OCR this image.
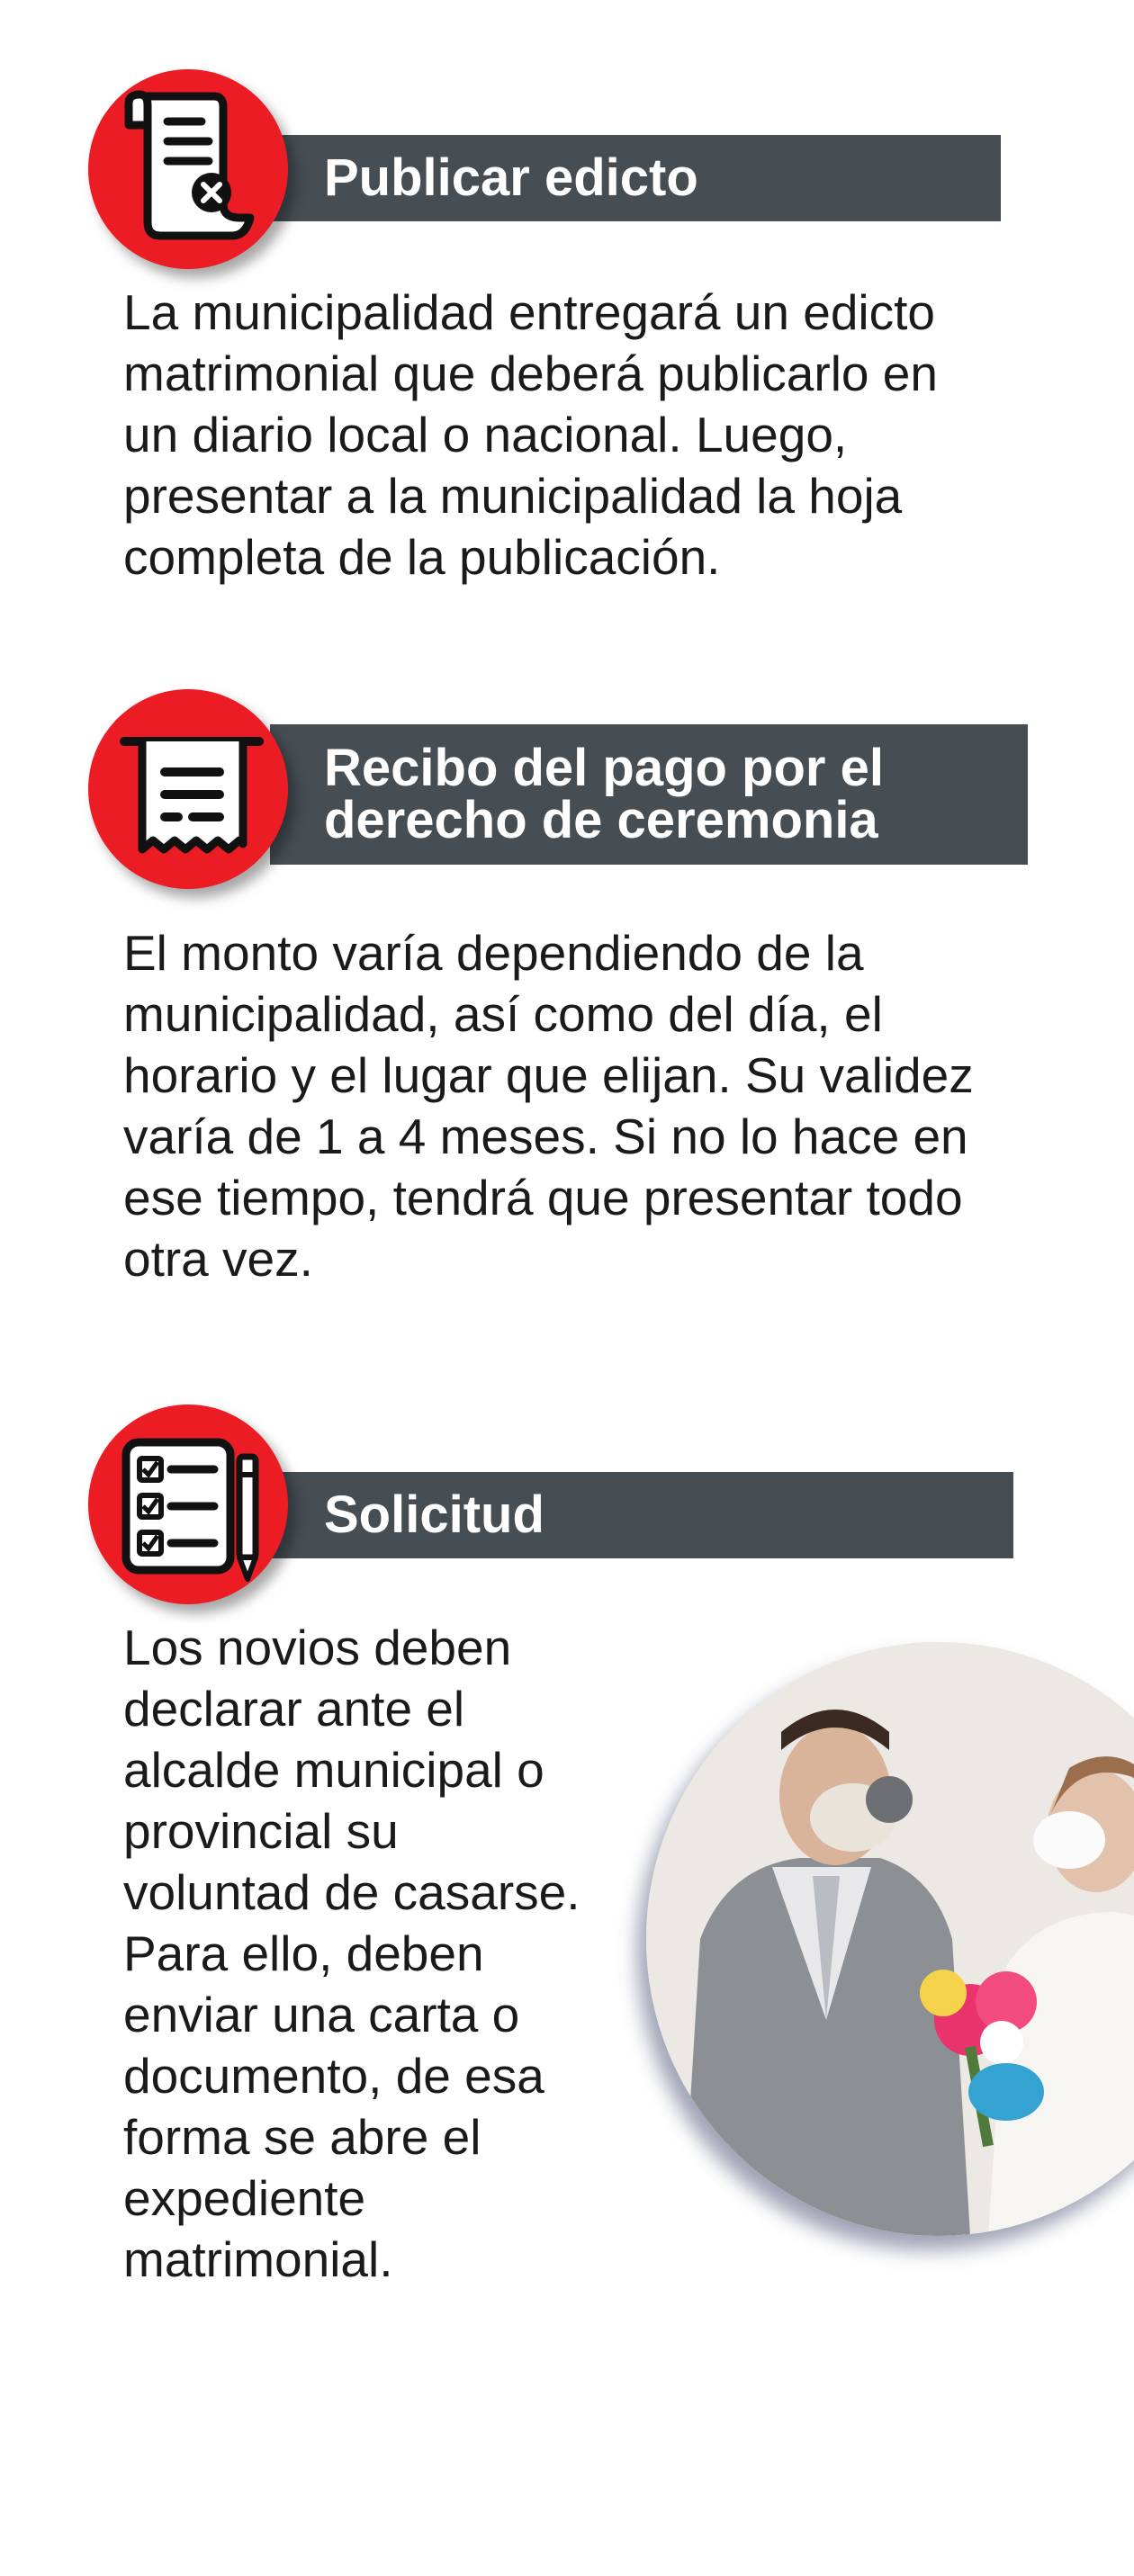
Publicar edicto
La municipalidad entregará un edicto
matrimonial que deberá publicarlo en
un diario local o nacional. Luego,
presentar a la municipalidad la hoja
completa de la publicación.
Recibo del pago por el
derecho de ceremonia
El monto varía dependiendo de la
municipalidad, así como del día, el
horario y el lugar que elijan. Su validez
varía de 1 a 4 meses. Si no lo hace en
ese tiempo, tendrá que presentar todo
otra vez.
Solicitud
Los novios deben
declarar ante el
alcalde municipal o
provincial su
voluntad de casarse.
Para ello, deben
enviar una carta o
documento, de esa
forma se abre el
expediente
matrimonial.
